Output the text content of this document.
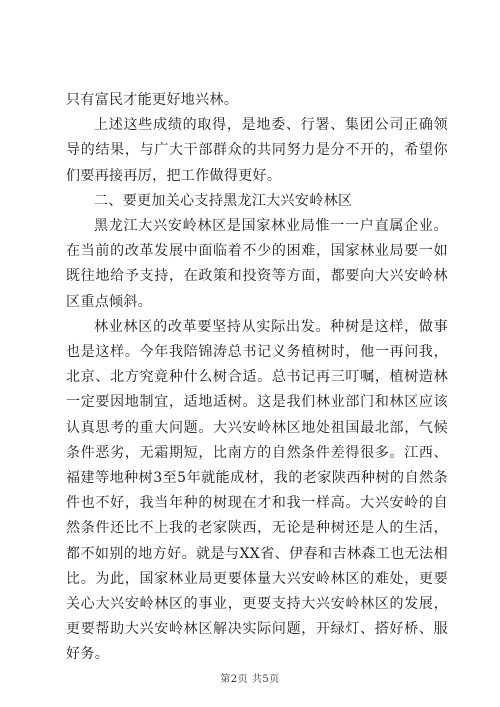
只有富民才能更好地兴林。

上述这些成绩的取得，是地委、行署、集团公司正确领导的结果，与广大干部群众的共同努力是分不开的，希望你们要再接再厉，把工作做得更好。

二、要更加关心支持黑龙江大兴安岭林区

黑龙江大兴安岭林区是国家林业局惟一一户直属企业。在当前的改革发展中面临着不少的困难，国家林业局要一如既往地给予支持，在政策和投资等方面，都要向大兴安岭林区重点倾斜。

林业林区的改革要坚持从实际出发。种树是这样，做事也是这样。今年我陪锦涛总书记义务植树时，他一再问我，北京、北方究竟种什么树合适。总书记再三叮嘱，植树造林一定要因地制宜，适地适树。这是我们林业部门和林区应该认真思考的重大问题。大兴安岭林区地处祖国最北部，气候条件恶劣，无霜期短，比南方的自然条件差得很多。江西、福建等地种树3至5年就能成材，我的老家陕西种树的自然条件也不好，我当年种的树现在才和我一样高。大兴安岭的自然条件还比不上我的老家陕西，无论是种树还是人的生活，都不如别的地方好。就是与XX省、伊春和吉林森工也无法相比。为此，国家林业局更要体量大兴安岭林区的难处，更要关心大兴安岭林区的事业，更要支持大兴安岭林区的发展，更要帮助大兴安岭林区解决实际问题，开绿灯、搭好桥、服好务。

第2页 共5页
